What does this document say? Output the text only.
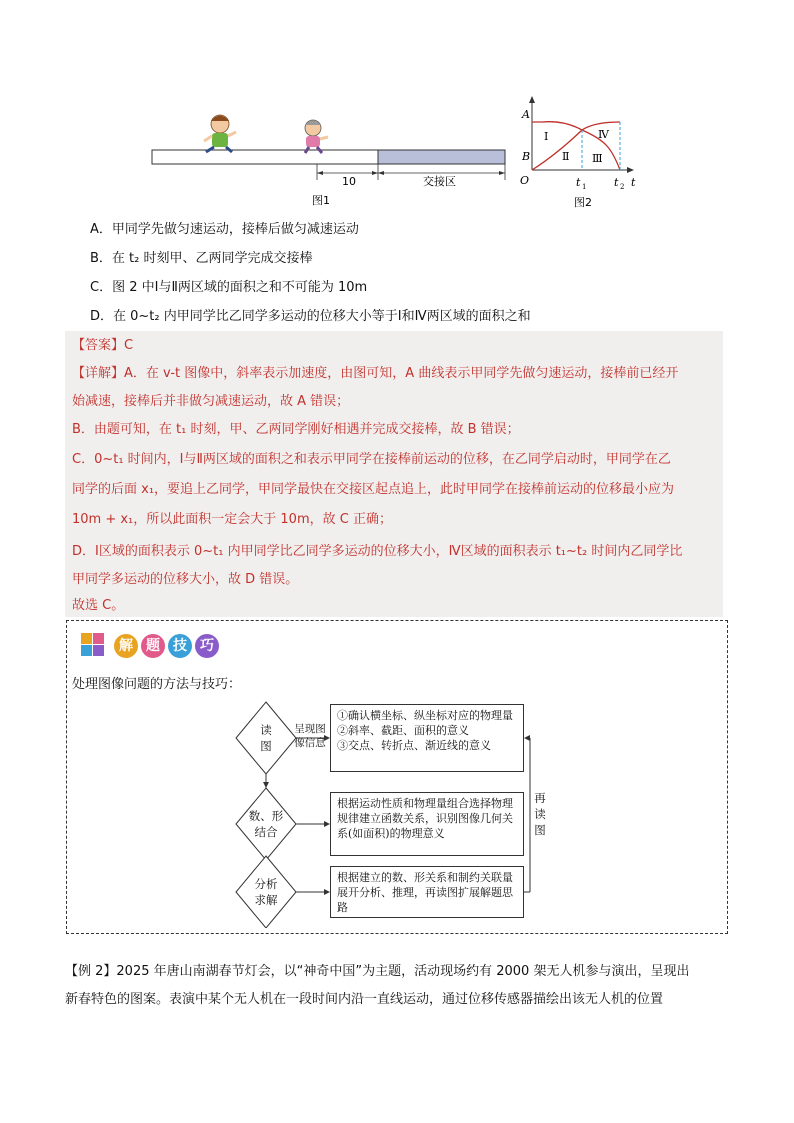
10	交接区
图1
A
B
O	t
t 1	t 2
Ⅰ
Ⅱ Ⅲ
Ⅳ
图2
A．甲同学先做匀速运动，接棒后做匀减速运动
B．在 t₂ 时刻甲、乙两同学完成交接棒
C．图 2 中Ⅰ与Ⅱ两区域的面积之和不可能为 10m
D．在 0~t₂ 内甲同学比乙同学多运动的位移大小等于Ⅰ和Ⅳ两区域的面积之和
【答案】C
【详解】A．在 v-t 图像中，斜率表示加速度，由图可知，A 曲线表示甲同学先做匀速运动，接棒前已经开
始减速，接棒后并非做匀减速运动，故 A 错误；
B．由题可知，在 t₁ 时刻，甲、乙两同学刚好相遇并完成交接棒，故 B 错误；
C．0~t₁ 时间内，Ⅰ与Ⅱ两区域的面积之和表示甲同学在接棒前运动的位移，在乙同学启动时，甲同学在乙
同学的后面 x₁，要追上乙同学，甲同学最快在交接区起点追上，此时甲同学在接棒前运动的位移最小应为
10m + x₁，所以此面积一定会大于 10m，故 C 正确；
D．Ⅰ区域的面积表示 0~t₁ 内甲同学比乙同学多运动的位移大小，Ⅳ区域的面积表示 t₁~t₂ 时间内乙同学比
甲同学多运动的位移大小，故 D 错误。
故选 C。
解 题 技 巧
处理图像问题的方法与技巧：
读
图
数、形
结合
分析
求解
呈现图
像信息
①确认横坐标、纵坐标对应的物理量
②斜率、截距、面积的意义
③交点、转折点、渐近线的意义
根据运动性质和物理量组合选择物理规律建立函数关系，识别图像几何关系(如面积)的物理意义
根据建立的数、形关系和制约关联量展开分析、推理，再读图扩展解题思路
再
读
图
【例 2】2025 年唐山南湖春节灯会，以“神奇中国”为主题，活动现场约有 2000 架无人机参与演出，呈现出
新春特色的图案。表演中某个无人机在一段时间内沿一直线运动，通过位移传感器描绘出该无人机的位置
